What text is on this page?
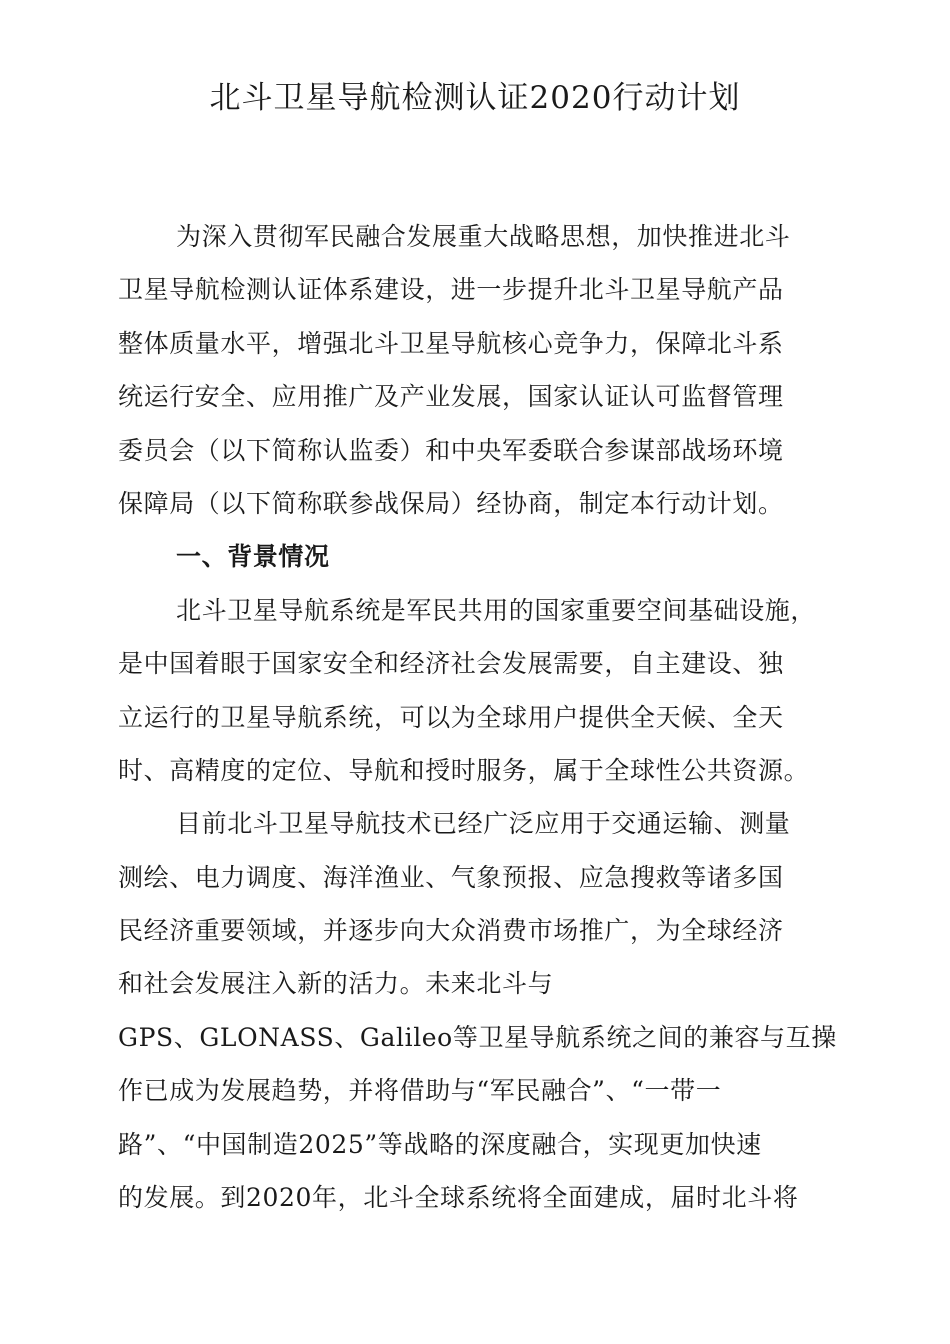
北斗卫星导航检测认证2020行动计划
为深入贯彻军民融合发展重大战略思想，加快推进北斗
卫星导航检测认证体系建设，进一步提升北斗卫星导航产品
整体质量水平，增强北斗卫星导航核心竞争力，保障北斗系
统运行安全、应用推广及产业发展，国家认证认可监督管理
委员会（以下简称认监委）和中央军委联合参谋部战场环境
保障局（以下简称联参战保局）经协商，制定本行动计划。
一、背景情况
北斗卫星导航系统是军民共用的国家重要空间基础设施，
是中国着眼于国家安全和经济社会发展需要，自主建设、独
立运行的卫星导航系统，可以为全球用户提供全天候、全天
时、高精度的定位、导航和授时服务，属于全球性公共资源。
目前北斗卫星导航技术已经广泛应用于交通运输、测量
测绘、电力调度、海洋渔业、气象预报、应急搜救等诸多国
民经济重要领域，并逐步向大众消费市场推广，为全球经济
和社会发展注入新的活力。未来北斗与
GPS、GLONASS、Galileo等卫星导航系统之间的兼容与互操
作已成为发展趋势，并将借助与“军民融合”、“一带一
路”、“中国制造2025”等战略的深度融合，实现更加快速
的发展。到2020年，北斗全球系统将全面建成，届时北斗将
